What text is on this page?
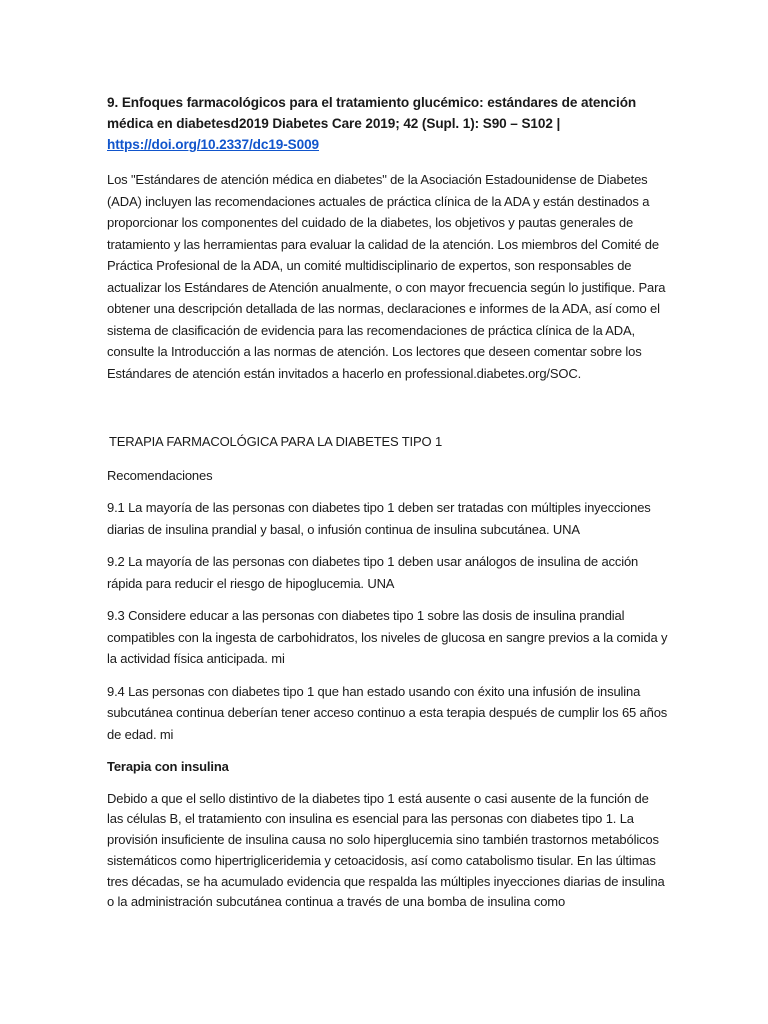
9. Enfoques farmacológicos para el tratamiento glucémico: estándares de atención médica en diabetesd2019 Diabetes Care 2019; 42 (Supl. 1): S90 – S102 |
https://doi.org/10.2337/dc19-S009

Los "Estándares de atención médica en diabetes" de la Asociación Estadounidense de Diabetes (ADA) incluyen las recomendaciones actuales de práctica clínica de la ADA y están destinados a proporcionar los componentes del cuidado de la diabetes, los objetivos y pautas generales de tratamiento y las herramientas para evaluar la calidad de la atención. Los miembros del Comité de Práctica Profesional de la ADA, un comité multidisciplinario de expertos, son responsables de actualizar los Estándares de Atención anualmente, o con mayor frecuencia según lo justifique. Para obtener una descripción detallada de las normas, declaraciones e informes de la ADA, así como el sistema de clasificación de evidencia para las recomendaciones de práctica clínica de la ADA, consulte la Introducción a las normas de atención. Los lectores que deseen comentar sobre los Estándares de atención están invitados a hacerlo en professional.diabetes.org/SOC.

TERAPIA FARMACOLÓGICA PARA LA DIABETES TIPO 1

Recomendaciones

9.1 La mayoría de las personas con diabetes tipo 1 deben ser tratadas con múltiples inyecciones diarias de insulina prandial y basal, o infusión continua de insulina subcutánea. UNA

9.2 La mayoría de las personas con diabetes tipo 1 deben usar análogos de insulina de acción rápida para reducir el riesgo de hipoglucemia. UNA

9.3 Considere educar a las personas con diabetes tipo 1 sobre las dosis de insulina prandial compatibles con la ingesta de carbohidratos, los niveles de glucosa en sangre previos a la comida y la actividad física anticipada. mi

9.4 Las personas con diabetes tipo 1 que han estado usando con éxito una infusión de insulina subcutánea continua deberían tener acceso continuo a esta terapia después de cumplir los 65 años de edad. mi

Terapia con insulina

Debido a que el sello distintivo de la diabetes tipo 1 está ausente o casi ausente de la función de las células B, el tratamiento con insulina es esencial para las personas con diabetes tipo 1. La provisión insuficiente de insulina causa no solo hiperglucemia sino también trastornos metabólicos sistemáticos como hipertrigliceridemia y cetoacidosis, así como catabolismo tisular. En las últimas tres décadas, se ha acumulado evidencia que respalda las múltiples inyecciones diarias de insulina o la administración subcutánea continua a través de una bomba de insulina como
